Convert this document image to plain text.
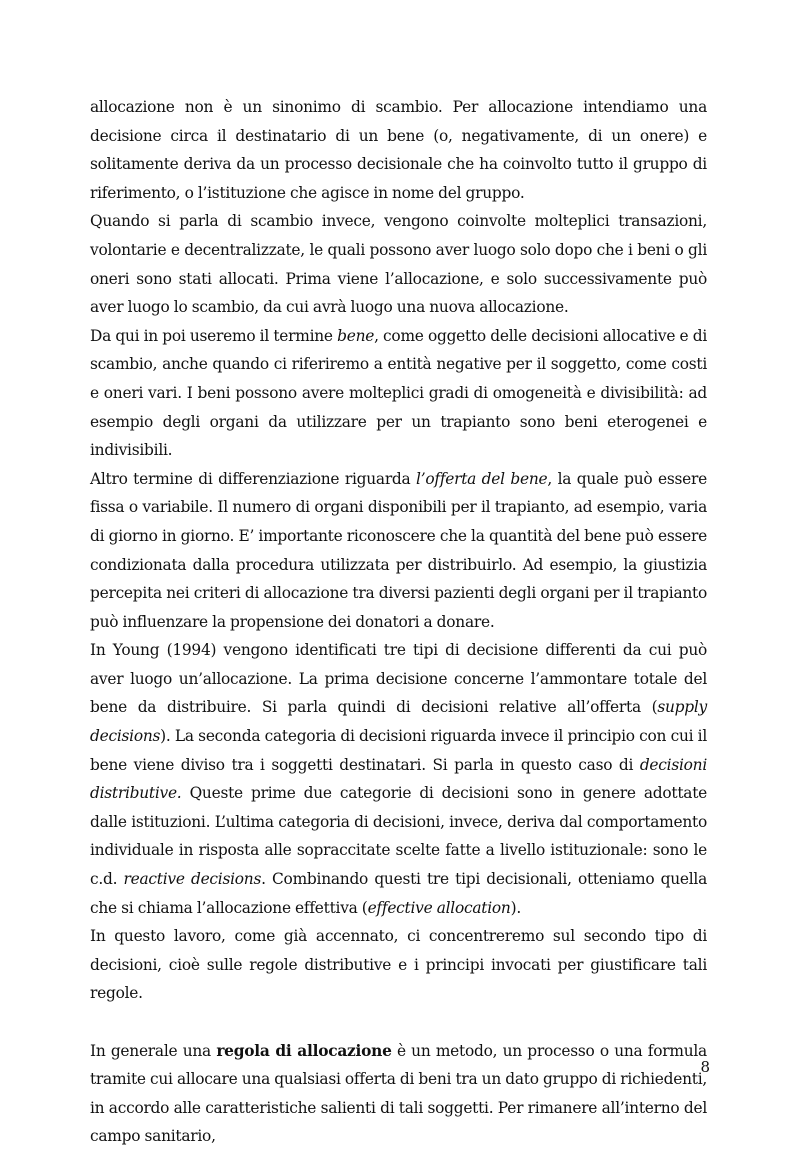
allocazione non è un sinonimo di scambio. Per allocazione intendiamo una decisione circa il destinatario di un bene (o, negativamente, di un onere) e solitamente deriva da un processo decisionale che ha coinvolto tutto il gruppo di riferimento, o l’istituzione che agisce in nome del gruppo.

Quando si parla di scambio invece, vengono coinvolte molteplici transazioni, volontarie e decentralizzate, le quali possono aver luogo solo dopo che i beni o gli oneri sono stati allocati. Prima viene l’allocazione, e solo successivamente può aver luogo lo scambio, da cui avrà luogo una nuova allocazione.

Da qui in poi useremo il termine bene, come oggetto delle decisioni allocative e di scambio, anche quando ci riferiremo a entità negative per il soggetto, come costi e oneri vari. I beni possono avere molteplici gradi di omogeneità e divisibilità: ad esempio degli organi da utilizzare per un trapianto sono beni eterogenei e indivisibili.

Altro termine di differenziazione riguarda l’offerta del bene, la quale può essere fissa o variabile. Il numero di organi disponibili per il trapianto, ad esempio, varia di giorno in giorno. E’ importante riconoscere che la quantità del bene può essere condizionata dalla procedura utilizzata per distribuirlo. Ad esempio, la giustizia percepita nei criteri di allocazione tra diversi pazienti degli organi per il trapianto può influenzare la propensione dei donatori a donare.

In Young (1994) vengono identificati tre tipi di decisione differenti da cui può aver luogo un’allocazione. La prima decisione concerne l’ammontare totale del bene da distribuire. Si parla quindi di decisioni relative all’offerta (supply decisions). La seconda categoria di decisioni riguarda invece il principio con cui il bene viene diviso tra i soggetti destinatari. Si parla in questo caso di decisioni distributive. Queste prime due categorie di decisioni sono in genere adottate dalle istituzioni. L’ultima categoria di decisioni, invece, deriva dal comportamento individuale in risposta alle sopraccitate scelte fatte a livello istituzionale: sono le c.d. reactive decisions. Combinando questi tre tipi decisionali, otteniamo quella che si chiama l’allocazione effettiva (effective allocation).

In questo lavoro, come già accennato, ci concentreremo sul secondo tipo di decisioni, cioè sulle regole distributive e i principi invocati per giustificare tali regole.

In generale una regola di allocazione è un metodo, un processo o una formula tramite cui allocare una qualsiasi offerta di beni tra un dato gruppo di richiedenti, in accordo alle caratteristiche salienti di tali soggetti. Per rimanere all’interno del campo sanitario,

8
